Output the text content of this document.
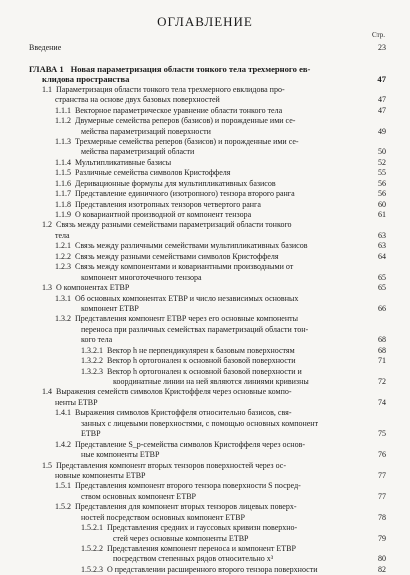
ОГЛАВЛЕНИЕ
Стр.
Введение	23
ГЛАВА 1 Новая параметризация области тонкого тела трехмерного ев-
клидова пространства	47
1.1 Параметризация области тонкого тела трехмерного евклидова про-
странства на основе двух базовых поверхностей	47
1.1.1 Векторное параметрическое уравнение области тонкого тела	47
1.1.2 Двумерные семейства реперов (базисов) и порожденные ими се-
мейства параметризаций поверхности	49
1.1.3 Трехмерные семейства реперов (базисов) и порожденные ими се-
мейства параметризаций области	50
1.1.4 Мультипликативные базисы	52
1.1.5 Различные семейства символов Кристоффеля	55
1.1.6 Деривационные формулы для мультипликативных базисов	56
1.1.7 Представление единичного (изотропного) тензора второго ранга	56
1.1.8 Представления изотропных тензоров четвертого ранга	60
1.1.9 О ковариантной производной от компонент тензора	61
1.2 Связь между разными семействами параметризаций области тонкого
тела	63
1.2.1 Связь между различными семействами мультипликативных базисов	63
1.2.2 Связь между разными семействами символов Кристоффеля	64
1.2.3 Связь между компонентами и ковариантными производными от
компонент многоточечного тензора	65
1.3 О компонентах ЕТВР	65
1.3.1 Об основных компонентах ЕТВР и число независимых основных
компонент ЕТВР	66
1.3.2 Представления компонент ЕТВР через его основные компоненты
переноса при различных семействах параметризаций области тон-
кого тела	68
1.3.2.1 Вектор h не перпендикулярен к базовым поверхностям	68
1.3.2.2 Вектор h ортогонален к основной базовой поверхности	71
1.3.2.3 Вектор h ортогонален к основной базовой поверхности и
координатные линии на ней являются линиями кривизны	72
1.4 Выражения семейств символов Кристоффеля через основные компо-
ненты ЕТВР	74
1.4.1 Выражения символов Кристоффеля относительно базисов, свя-
занных с лицевыми поверхностями, с помощью основных компонент
ЕТВР	75
1.4.2 Представление S_p-семейства символов Кристоффеля через основ-
ные компоненты ЕТВР	76
1.5 Представления компонент вторых тензоров поверхностей через ос-
новные компоненты ЕТВР	77
1.5.1 Представления компонент второго тензора поверхности S посред-
ством основных компонент ЕТВР	77
1.5.2 Представления для компонент вторых тензоров лицевых поверх-
ностей посредством основных компонент ЕТВР	78
1.5.2.1 Представления средних и гауссовых кривизн поверхно-
стей через основные компоненты ЕТВР	79
1.5.2.2 Представления компонент переноса и компонент ЕТВР
посредством степенных рядов относительно x³	80
1.5.2.3 О представлении расширенного второго тензора поверхности	82
